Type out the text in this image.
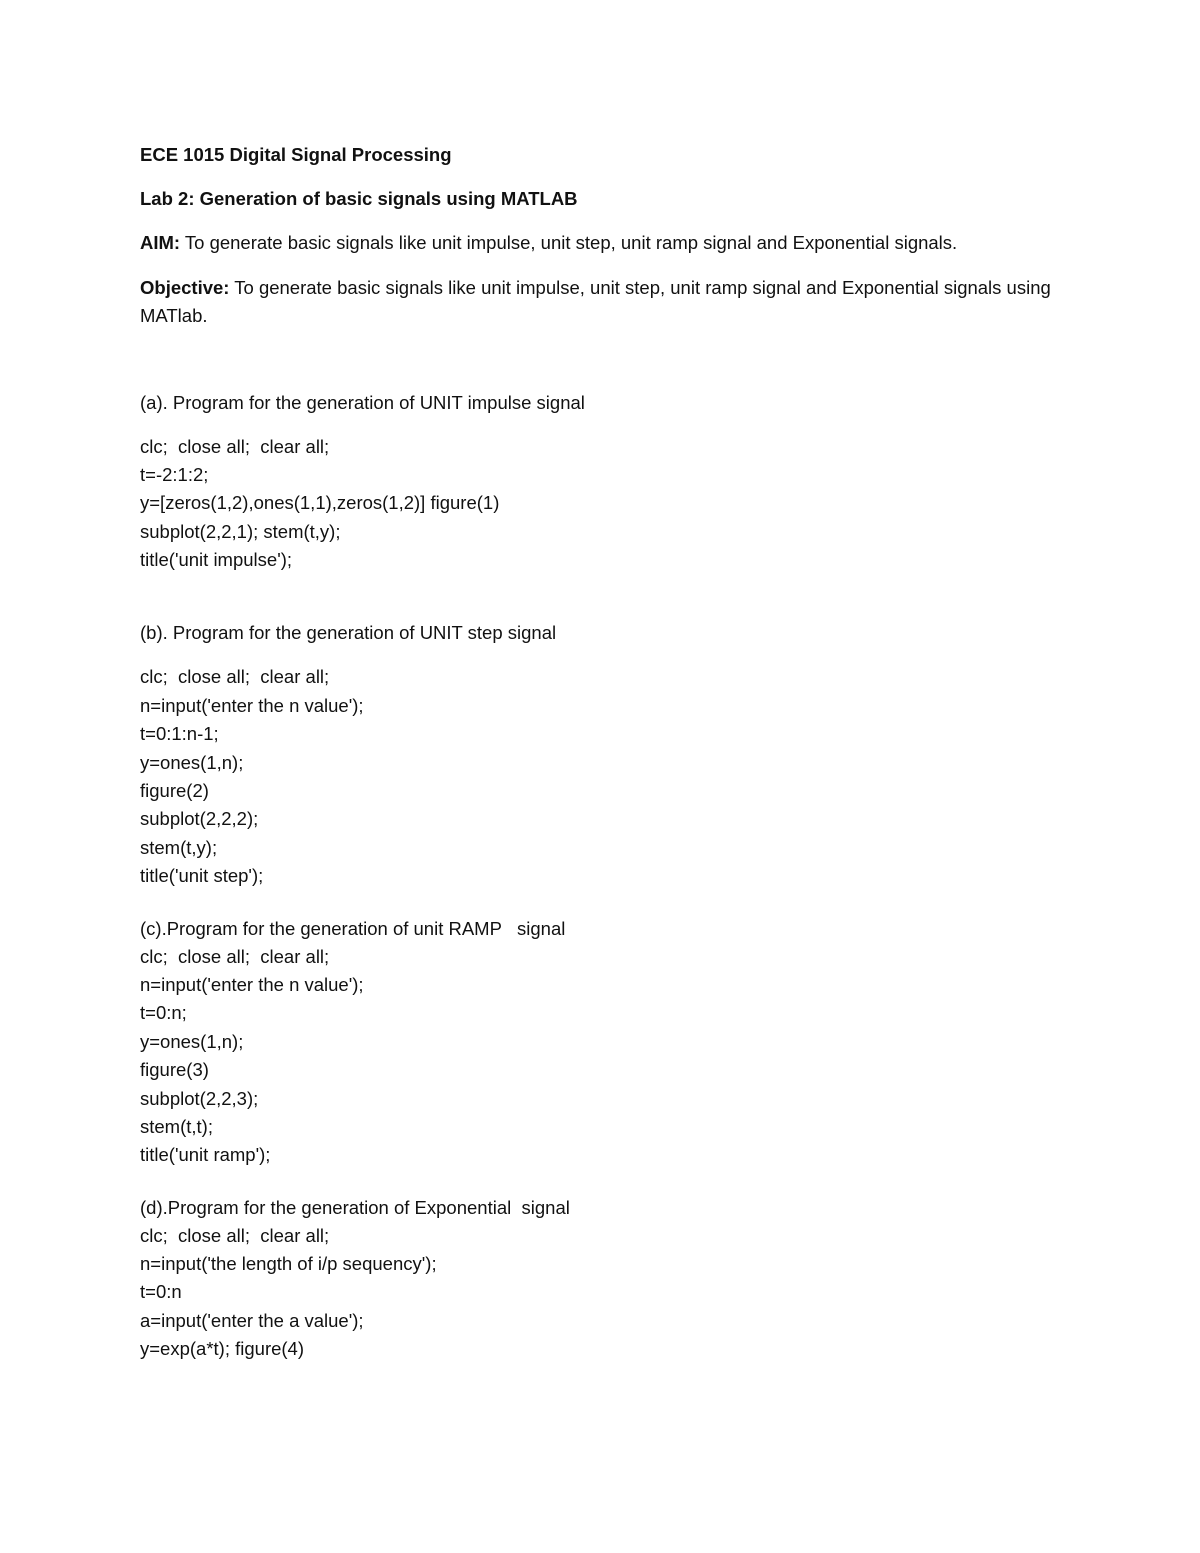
ECE 1015 Digital Signal Processing
Lab 2: Generation of basic signals using MATLAB
AIM: To generate basic signals like unit impulse, unit step, unit ramp signal and Exponential signals.
Objective: To generate basic signals like unit impulse, unit step, unit ramp signal and Exponential signals using MATlab.
(a). Program for the generation of UNIT impulse signal
clc;  close all;  clear all;
t=-2:1:2;
y=[zeros(1,2),ones(1,1),zeros(1,2)] figure(1)
subplot(2,2,1); stem(t,y);
title('unit impulse');
(b). Program for the generation of UNIT step signal
clc;  close all;  clear all;
n=input('enter the n value');
t=0:1:n-1;
y=ones(1,n);
figure(2)
subplot(2,2,2);
stem(t,y);
title('unit step');
(c).Program for the generation of unit RAMP   signal
clc;  close all;  clear all;
n=input('enter the n value');
t=0:n;
y=ones(1,n);
figure(3)
subplot(2,2,3);
stem(t,t);
title('unit ramp');
(d).Program for the generation of Exponential  signal
clc;  close all;  clear all;
n=input('the length of i/p sequency');
t=0:n
a=input('enter the a value');
y=exp(a*t); figure(4)
